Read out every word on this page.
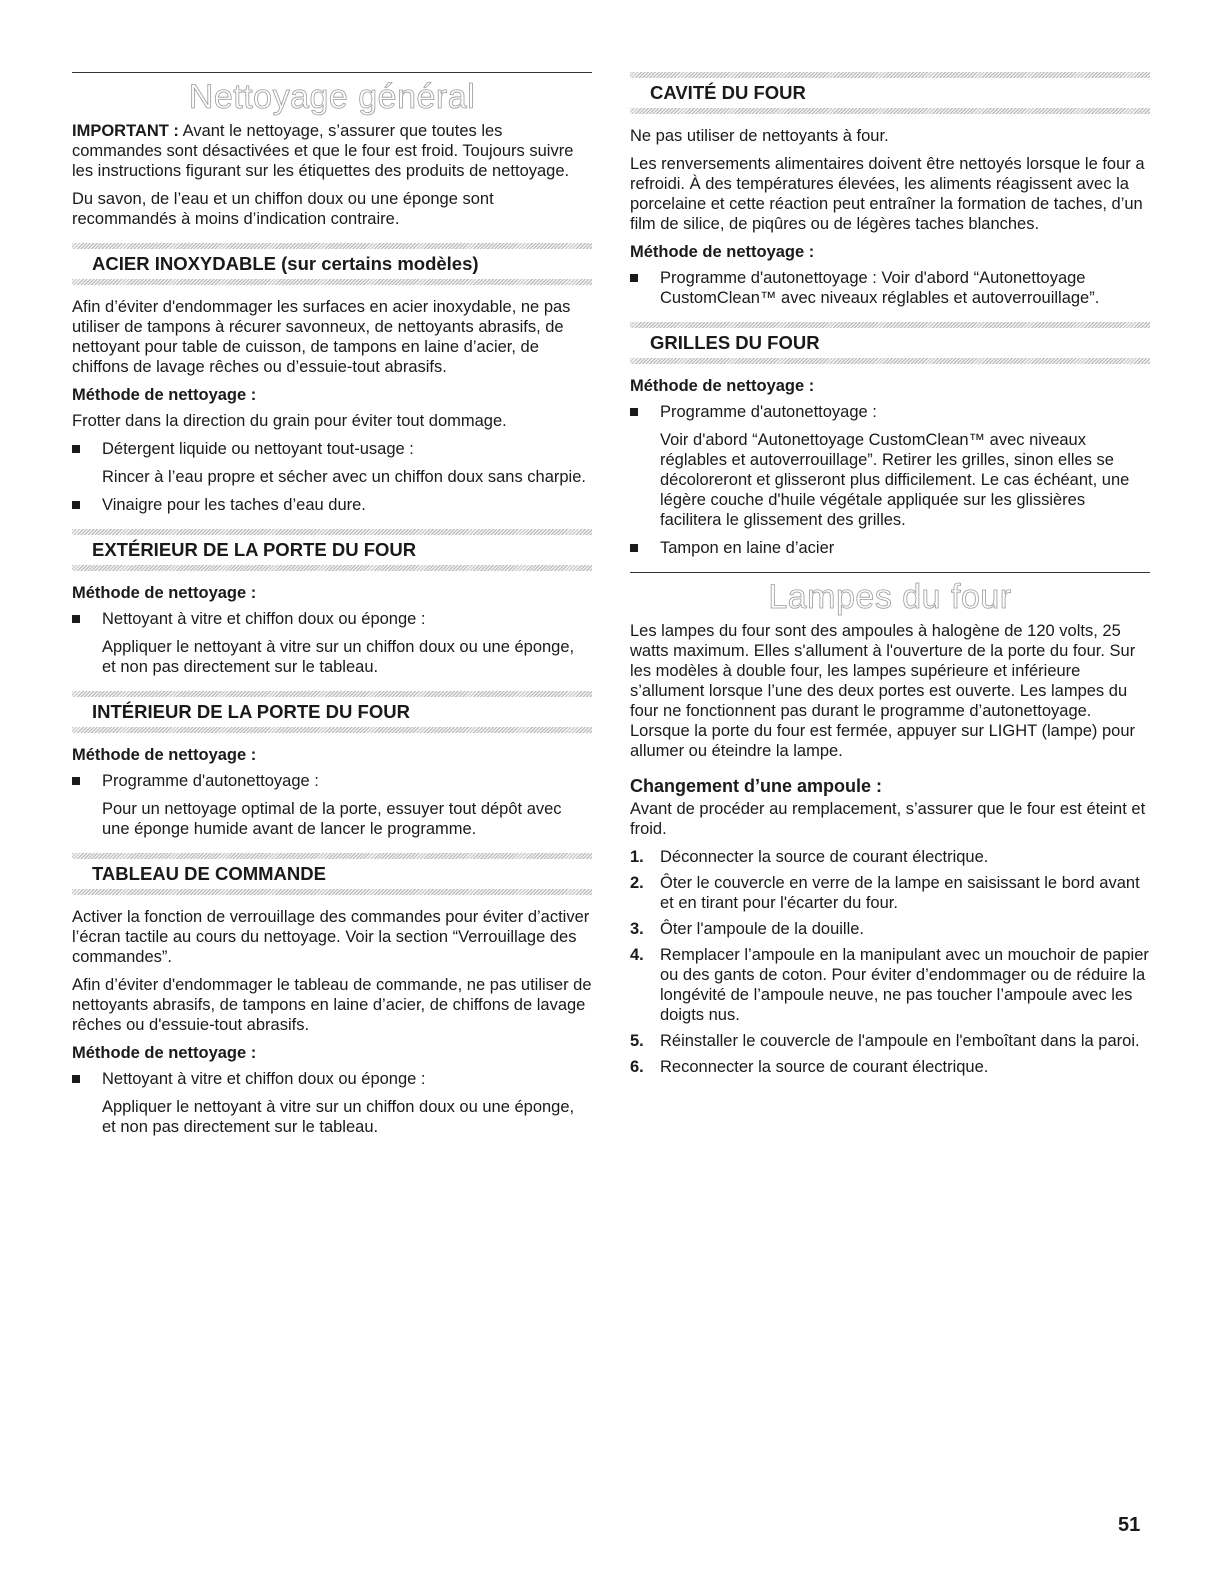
Nettoyage général

IMPORTANT : Avant le nettoyage, s’assurer que toutes les commandes sont désactivées et que le four est froid. Toujours suivre les instructions figurant sur les étiquettes des produits de nettoyage.

Du savon, de l’eau et un chiffon doux ou une éponge sont recommandés à moins d’indication contraire.

ACIER INOXYDABLE (sur certains modèles)

Afin d’éviter d'endommager les surfaces en acier inoxydable, ne pas utiliser de tampons à récurer savonneux, de nettoyants abrasifs, de nettoyant pour table de cuisson, de tampons en laine d’acier, de chiffons de lavage rêches ou d’essuie-tout abrasifs.

Méthode de nettoyage :

Frotter dans la direction du grain pour éviter tout dommage.

Détergent liquide ou nettoyant tout-usage :
Rincer à l’eau propre et sécher avec un chiffon doux sans charpie.
Vinaigre pour les taches d’eau dure.
EXTÉRIEUR DE LA PORTE DU FOUR
Méthode de nettoyage :
Nettoyant à vitre et chiffon doux ou éponge :
Appliquer le nettoyant à vitre sur un chiffon doux ou une éponge, et non pas directement sur le tableau.
INTÉRIEUR DE LA PORTE DU FOUR
Méthode de nettoyage :
Programme d'autonettoyage :
Pour un nettoyage optimal de la porte, essuyer tout dépôt avec une éponge humide avant de lancer le programme.
TABLEAU DE COMMANDE

Activer la fonction de verrouillage des commandes pour éviter d’activer l’écran tactile au cours du nettoyage. Voir la section “Verrouillage des commandes”.

Afin d’éviter d'endommager le tableau de commande, ne pas utiliser de nettoyants abrasifs, de tampons en laine d’acier, de chiffons de lavage rêches ou d'essuie-tout abrasifs.

Méthode de nettoyage :
Nettoyant à vitre et chiffon doux ou éponge :
Appliquer le nettoyant à vitre sur un chiffon doux ou une éponge, et non pas directement sur le tableau.
CAVITÉ DU FOUR

Ne pas utiliser de nettoyants à four.

Les renversements alimentaires doivent être nettoyés lorsque le four a refroidi. À des températures élevées, les aliments réagissent avec la porcelaine et cette réaction peut entraîner la formation de taches, d’un film de silice, de piqûres ou de légères taches blanches.

Méthode de nettoyage :
Programme d'autonettoyage : Voir d'abord “Autonettoyage CustomClean™ avec niveaux réglables et autoverrouillage”.
GRILLES DU FOUR
Méthode de nettoyage :
Programme d'autonettoyage :
Voir d'abord “Autonettoyage CustomClean™ avec niveaux réglables et autoverrouillage”. Retirer les grilles, sinon elles se décoloreront et glisseront plus difficilement. Le cas échéant, une légère couche d'huile végétale appliquée sur les glissières facilitera le glissement des grilles.
Tampon en laine d’acier
Lampes du four

Les lampes du four sont des ampoules à halogène de 120 volts, 25 watts maximum. Elles s'allument à l'ouverture de la porte du four. Sur les modèles à double four, les lampes supérieure et inférieure s’allument lorsque l’une des deux portes est ouverte. Les lampes du four ne fonctionnent pas durant le programme d’autonettoyage. Lorsque la porte du four est fermée, appuyer sur LIGHT (lampe) pour allumer ou éteindre la lampe.

Changement d’une ampoule :

Avant de procéder au remplacement, s’assurer que le four est éteint et froid.

1. Déconnecter la source de courant électrique.
2. Ôter le couvercle en verre de la lampe en saisissant le bord avant et en tirant pour l'écarter du four.
3. Ôter l'ampoule de la douille.
4. Remplacer l’ampoule en la manipulant avec un mouchoir de papier ou des gants de coton. Pour éviter d’endommager ou de réduire la longévité de l’ampoule neuve, ne pas toucher l’ampoule avec les doigts nus.
5. Réinstaller le couvercle de l'ampoule en l'emboîtant dans la paroi.
6. Reconnecter la source de courant électrique.
51
